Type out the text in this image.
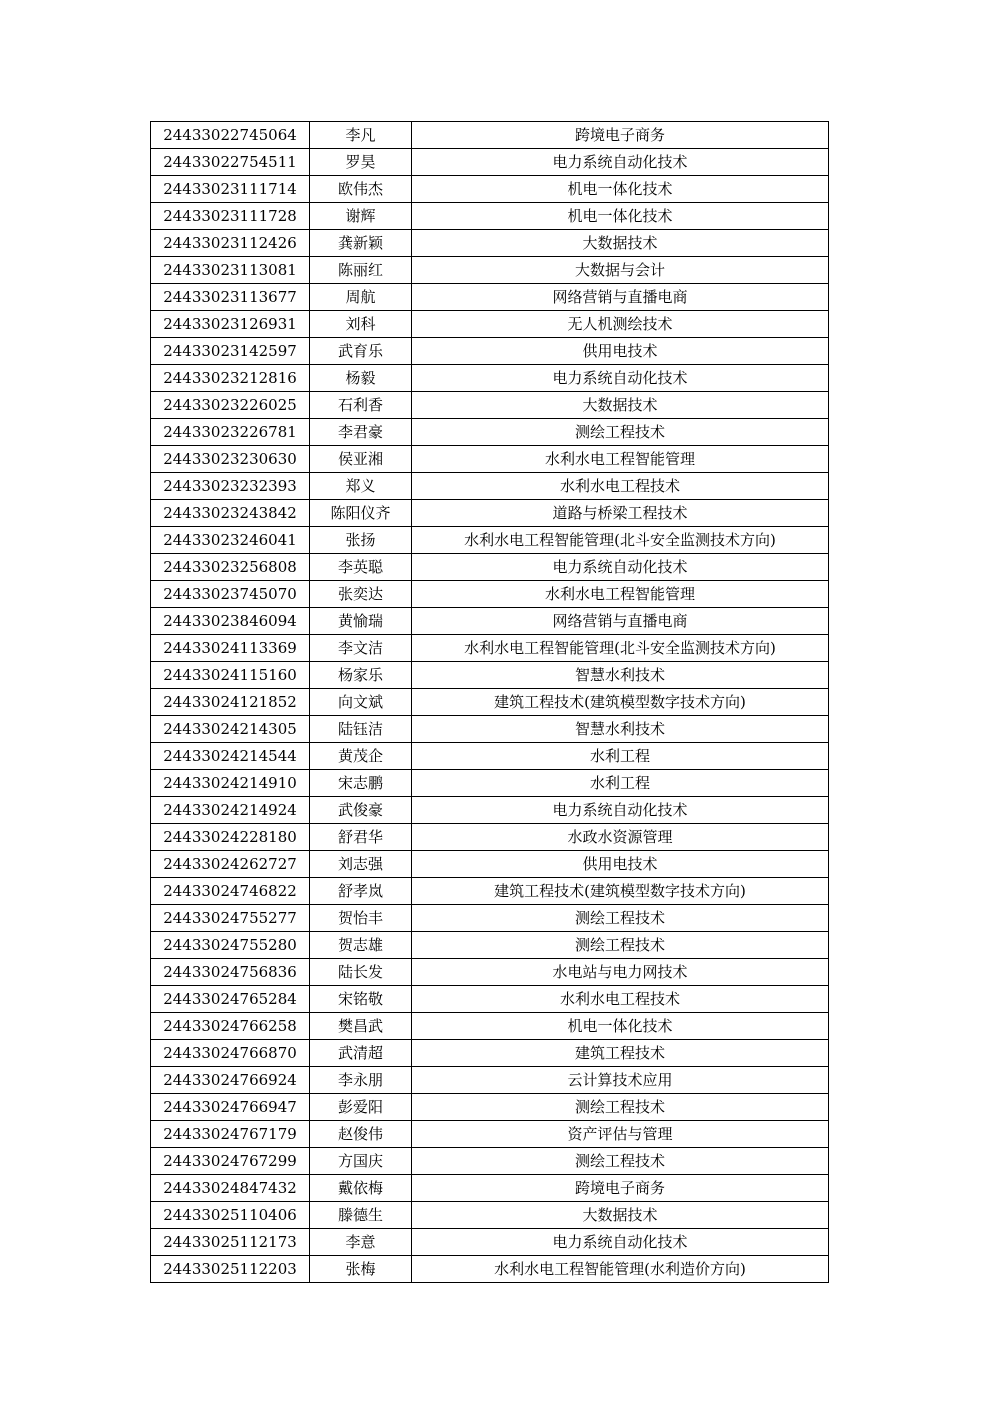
24433022745064	李凡	跨境电子商务
24433022754511	罗昊	电力系统自动化技术
24433023111714	欧伟杰	机电一体化技术
24433023111728	谢辉	机电一体化技术
24433023112426	龚新颖	大数据技术
24433023113081	陈丽红	大数据与会计
24433023113677	周航	网络营销与直播电商
24433023126931	刘科	无人机测绘技术
24433023142597	武育乐	供用电技术
24433023212816	杨毅	电力系统自动化技术
24433023226025	石利香	大数据技术
24433023226781	李君豪	测绘工程技术
24433023230630	侯亚湘	水利水电工程智能管理
24433023232393	郑义	水利水电工程技术
24433023243842	陈阳仪齐	道路与桥梁工程技术
24433023246041	张扬	水利水电工程智能管理(北斗安全监测技术方向)
24433023256808	李英聪	电力系统自动化技术
24433023745070	张奕达	水利水电工程智能管理
24433023846094	黄愉瑞	网络营销与直播电商
24433024113369	李文洁	水利水电工程智能管理(北斗安全监测技术方向)
24433024115160	杨家乐	智慧水利技术
24433024121852	向文斌	建筑工程技术(建筑模型数字技术方向)
24433024214305	陆钰洁	智慧水利技术
24433024214544	黄茂企	水利工程
24433024214910	宋志鹏	水利工程
24433024214924	武俊豪	电力系统自动化技术
24433024228180	舒君华	水政水资源管理
24433024262727	刘志强	供用电技术
24433024746822	舒孝岚	建筑工程技术(建筑模型数字技术方向)
24433024755277	贺怡丰	测绘工程技术
24433024755280	贺志雄	测绘工程技术
24433024756836	陆长发	水电站与电力网技术
24433024765284	宋铭敬	水利水电工程技术
24433024766258	樊昌武	机电一体化技术
24433024766870	武清超	建筑工程技术
24433024766924	李永朋	云计算技术应用
24433024766947	彭爱阳	测绘工程技术
24433024767179	赵俊伟	资产评估与管理
24433024767299	方国庆	测绘工程技术
24433024847432	戴依梅	跨境电子商务
24433025110406	滕德生	大数据技术
24433025112173	李意	电力系统自动化技术
24433025112203	张梅	水利水电工程智能管理(水利造价方向)
